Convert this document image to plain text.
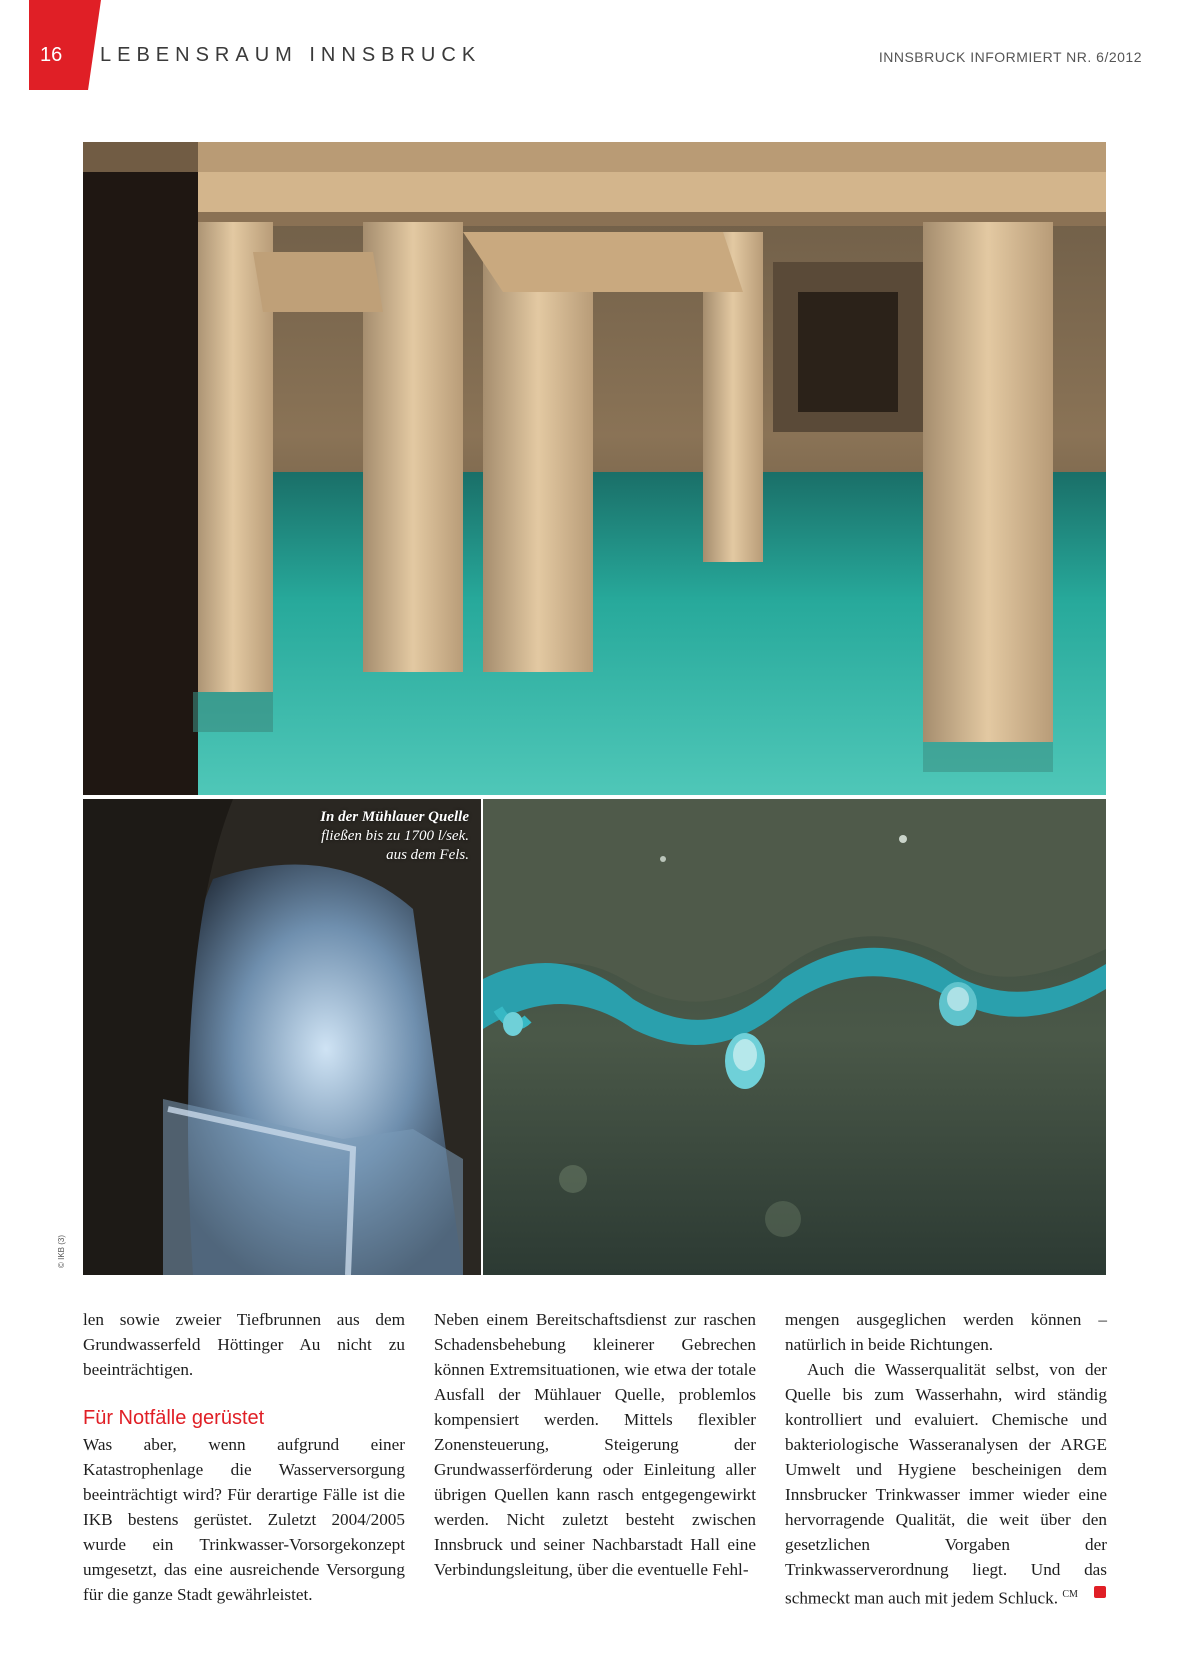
16	LEBENSRAUM INNSBRUCK	INNSBRUCK INFORMIERT NR. 6/2012
In der Mühlauer Quelle
fließen bis zu 1700 l/sek.
aus dem Fels.
© IKB (3)

len sowie zweier Tiefbrunnen aus dem Grundwasserfeld Höttinger Au nicht zu beeinträchtigen.

Für Notfälle gerüstet

Was aber, wenn aufgrund einer Katastrophenlage die Wasserversorgung beeinträchtigt wird? Für derartige Fälle ist die IKB bestens gerüstet. Zuletzt 2004/2005 wurde ein Trinkwasser-Vorsorgekonzept umgesetzt, das eine ausreichende Versorgung für die ganze Stadt gewährleistet.

Neben einem Bereitschaftsdienst zur raschen Schadensbehebung kleinerer Gebrechen können Extremsituationen, wie etwa der totale Ausfall der Mühlauer Quelle, problemlos kompensiert werden. Mittels flexibler Zonensteuerung, Steigerung der Grundwasserförderung oder Einleitung aller übrigen Quellen kann rasch entgegengewirkt werden. Nicht zuletzt besteht zwischen Innsbruck und seiner Nachbarstadt Hall eine Verbindungsleitung, über die eventuelle Fehl-

mengen ausgeglichen werden können – natürlich in beide Richtungen.

Auch die Wasserqualität selbst, von der Quelle bis zum Wasserhahn, wird ständig kontrolliert und evaluiert. Chemische und bakteriologische Wasseranalysen der ARGE Umwelt und Hygiene bescheinigen dem Innsbrucker Trinkwasser immer wieder eine hervorragende Qualität, die weit über den gesetzlichen Vorgaben der Trinkwasserverordnung liegt. Und das schmeckt man auch mit jedem Schluck. $^{CM}$
